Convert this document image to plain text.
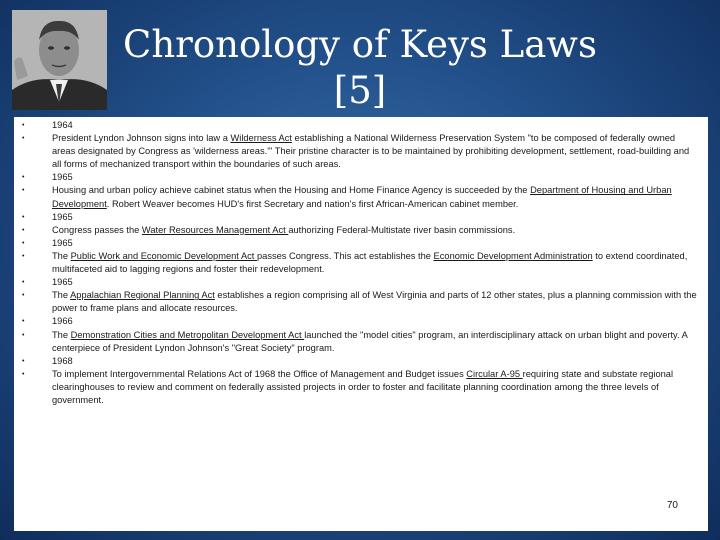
Chronology of Keys Laws [5]
•	1964
•	President Lyndon Johnson signs into law a Wilderness Act establishing a National Wilderness Preservation System "to be composed of federally owned areas designated by Congress as 'wilderness areas.'" Their pristine character is to be maintained by prohibiting development, settlement, road-building and all forms of mechanized transport within the boundaries of such areas.
•	1965
•	Housing and urban policy achieve cabinet status when the Housing and Home Finance Agency is succeeded by the Department of Housing and Urban Development. Robert Weaver becomes HUD's first Secretary and nation's first African-American cabinet member.
•	1965
•	Congress passes the Water Resources Management Act authorizing Federal-Multistate river basin commissions.
•	1965
•	The Public Work and Economic Development Act passes Congress. This act establishes the Economic Development Administration to extend coordinated, multifaceted aid to lagging regions and foster their redevelopment.
•	1965
•	The Appalachian Regional Planning Act establishes a region comprising all of West Virginia and parts of 12 other states, plus a planning commission with the power to frame plans and allocate resources.
•	1966
•	The Demonstration Cities and Metropolitan Development Act launched the "model cities" program, an interdisciplinary attack on urban blight and poverty. A centerpiece of President Lyndon Johnson's "Great Society" program.
•	1968
•	To implement Intergovernmental Relations Act of 1968 the Office of Management and Budget issues Circular A-95 requiring state and substate regional clearinghouses to review and comment on federally assisted projects in order to foster and facilitate planning coordination among the three levels of government.
70
